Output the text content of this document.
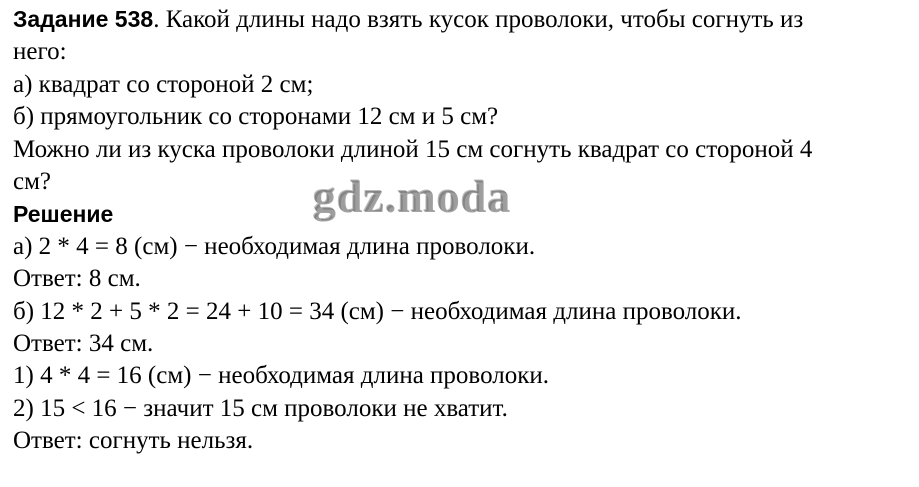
Задание 538. Какой длины надо взять кусок проволоки, чтобы согнуть из
него:
а) квадрат со стороной 2 см;
б) прямоугольник со сторонами 12 см и 5 см?
Можно ли из куска проволоки длиной 15 см согнуть квадрат со стороной 4
см?
Решение
а) 2 * 4 = 8 (см) − необходимая длина проволоки.
Ответ: 8 см.
б) 12 * 2 + 5 * 2 = 24 + 10 = 34 (см) − необходимая длина проволоки.
Ответ: 34 см.
1) 4 * 4 = 16 (см) − необходимая длина проволоки.
2) 15 < 16 − значит 15 см проволоки не хватит.
Ответ: согнуть нельзя.
gdz.moda
